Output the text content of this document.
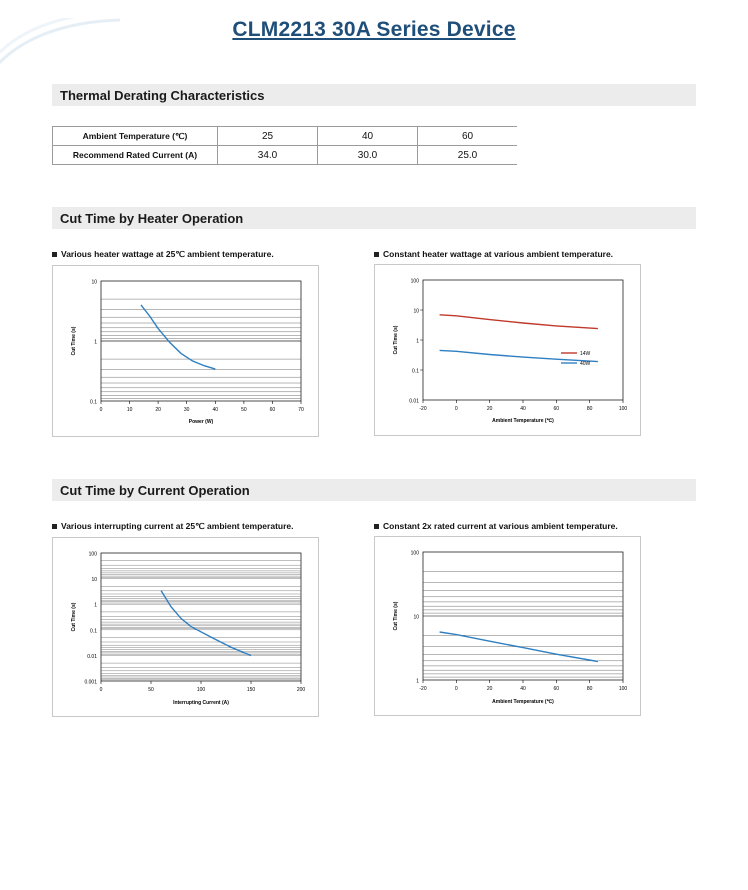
CLM2213 30A Series Device
Thermal Derating Characteristics
Ambient Temperature (℃)	25	40	60
Recommend Rated Current (A)	34.0	30.0	25.0
Cut Time by Heater Operation
Various heater wattage at 25℃ ambient temperature.
10
1
0.1
0	10	20	30	40	50	60	70
Power (W)
Cut Time (s)
Constant heater wattage at various ambient temperature.
100
10
1
0.1
0.01
-20	0	20	40	60	80	100
Ambient Temperature (℃)
Cut Time (s)	14W
40W
Cut Time by Current Operation
Various interrupting current at 25℃ ambient temperature.
100
10
1
0.1
0.01
0.001
0	50	100	150	200
Interrupting Current (A)
Cut Time (s)
Constant 2x rated current at various ambient temperature.
100
10
1
-20	0	20	40	60	80	100
Ambient Temperature (℃)
Cut Time (s)
